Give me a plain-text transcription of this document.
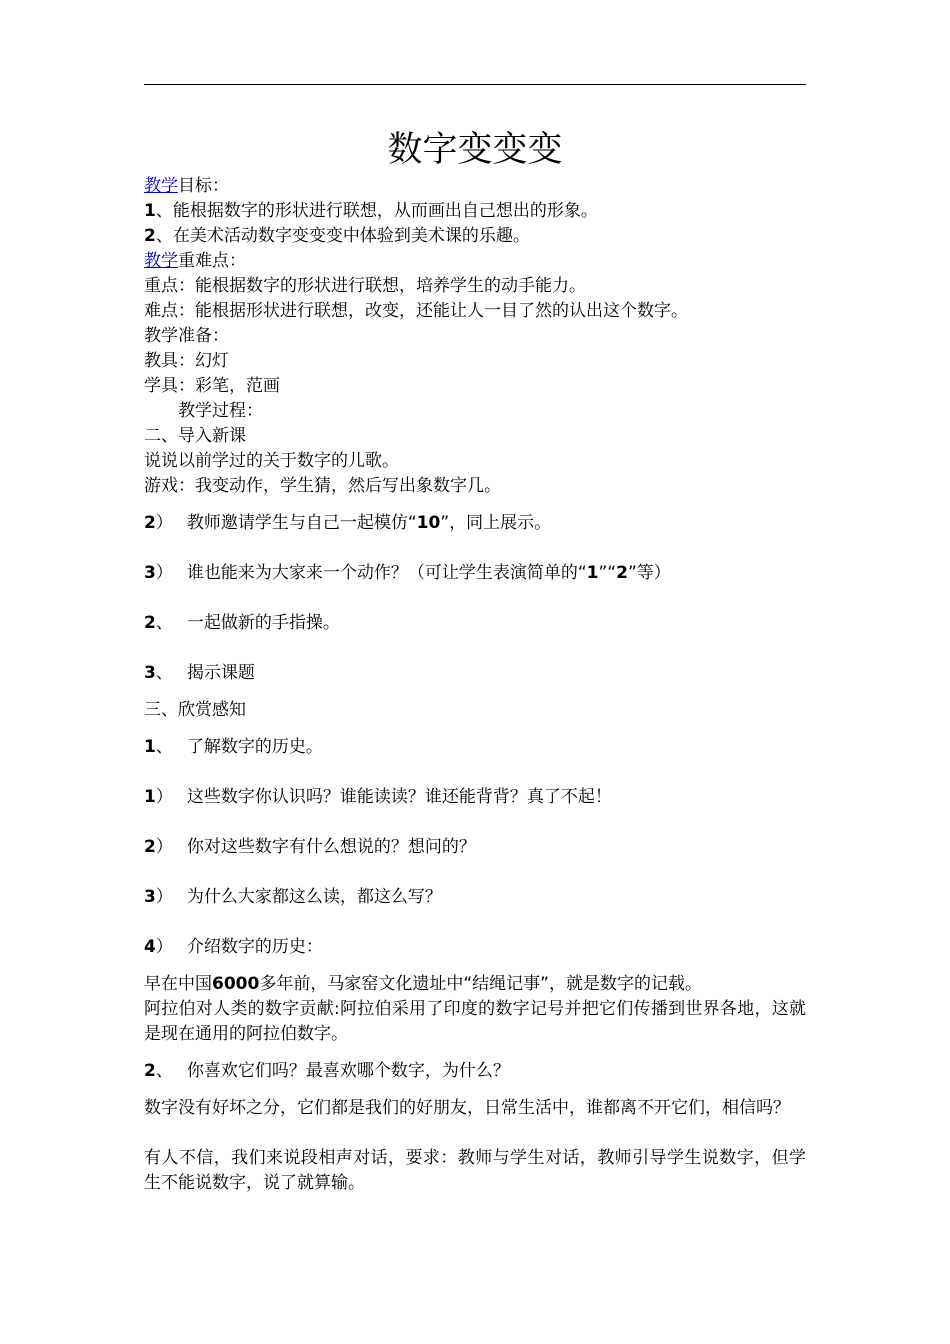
数字变变变
教学目标：
1、能根据数字的形状进行联想，从而画出自己想出的形象。
2、在美术活动数字变变变中体验到美术课的乐趣。
教学重难点：
重点：能根据数字的形状进行联想，培养学生的动手能力。
难点：能根据形状进行联想，改变，还能让人一目了然的认出这个数字。
教学准备：
教具：幻灯
学具：彩笔，范画
教学过程：
二、导入新课
说说以前学过的关于数字的儿歌。
游戏：我变动作，学生猜，然后写出象数字几。
2） 教师邀请学生与自己一起模仿“10”，同上展示。
3） 谁也能来为大家来一个动作？（可让学生表演简单的“1”“2”等）
2、 一起做新的手指操。
3、 揭示课题
三、欣赏感知
1、 了解数字的历史。
1） 这些数字你认识吗？谁能读读？谁还能背背？真了不起！
2） 你对这些数字有什么想说的？想问的？
3） 为什么大家都这么读，都这么写？
4） 介绍数字的历史：
早在中国6000多年前，马家窑文化遗址中“结绳记事”，就是数字的记载。
阿拉伯对人类的数字贡献:阿拉伯采用了印度的数字记号并把它们传播到世界各地，这就是现在通用的阿拉伯数字。
2、 你喜欢它们吗？最喜欢哪个数字，为什么？
数字没有好坏之分，它们都是我们的好朋友，日常生活中，谁都离不开它们，相信吗？
有人不信，我们来说段相声对话，要求：教师与学生对话，教师引导学生说数字，但学生不能说数字，说了就算输。
